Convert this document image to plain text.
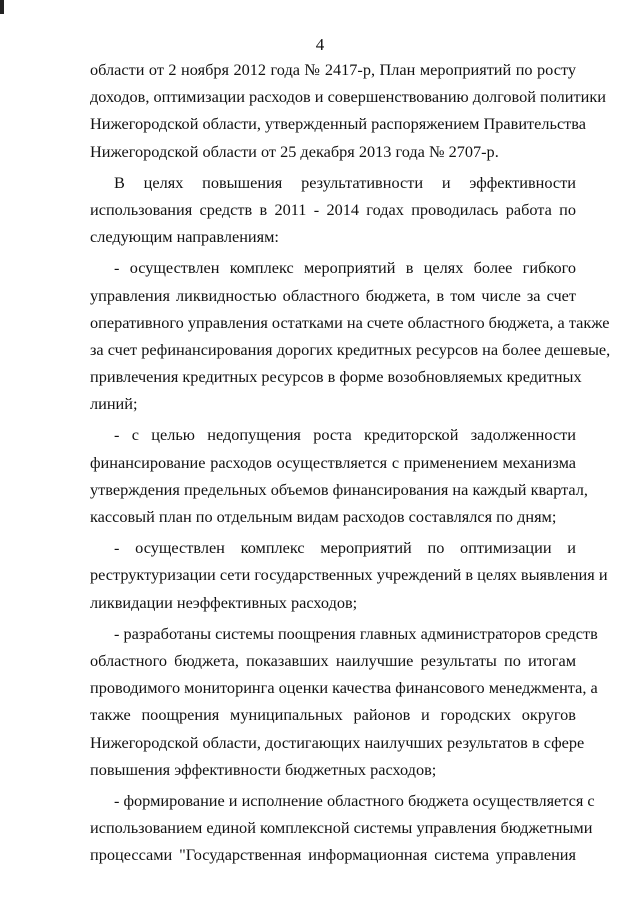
4
области от 2 ноября 2012 года № 2417-р, План мероприятий по росту
доходов, оптимизации расходов и совершенствованию долговой политики
Нижегородской области, утвержденный распоряжением Правительства
Нижегородской области от 25 декабря 2013 года № 2707-р.
В целях повышения результативности и эффективности
использования средств в 2011 - 2014 годах проводилась работа по
следующим направлениям:
- осуществлен комплекс мероприятий в целях более гибкого
управления ликвидностью областного бюджета, в том числе за счет
оперативного управления остатками на счете областного бюджета, а также
за счет рефинансирования дорогих кредитных ресурсов на более дешевые,
привлечения кредитных ресурсов в форме возобновляемых кредитных
линий;
- с целью недопущения роста кредиторской задолженности
финансирование расходов осуществляется с применением механизма
утверждения предельных объемов финансирования на каждый квартал,
кассовый план по отдельным видам расходов составлялся по дням;
- осуществлен комплекс мероприятий по оптимизации и
реструктуризации сети государственных учреждений в целях выявления и
ликвидации неэффективных расходов;
- разработаны системы поощрения главных администраторов средств
областного бюджета, показавших наилучшие результаты по итогам
проводимого мониторинга оценки качества финансового менеджмента, а
также поощрения муниципальных районов и городских округов
Нижегородской области, достигающих наилучших результатов в сфере
повышения эффективности бюджетных расходов;
- формирование и исполнение областного бюджета осуществляется с
использованием единой комплексной системы управления бюджетными
процессами "Государственная информационная система управления
